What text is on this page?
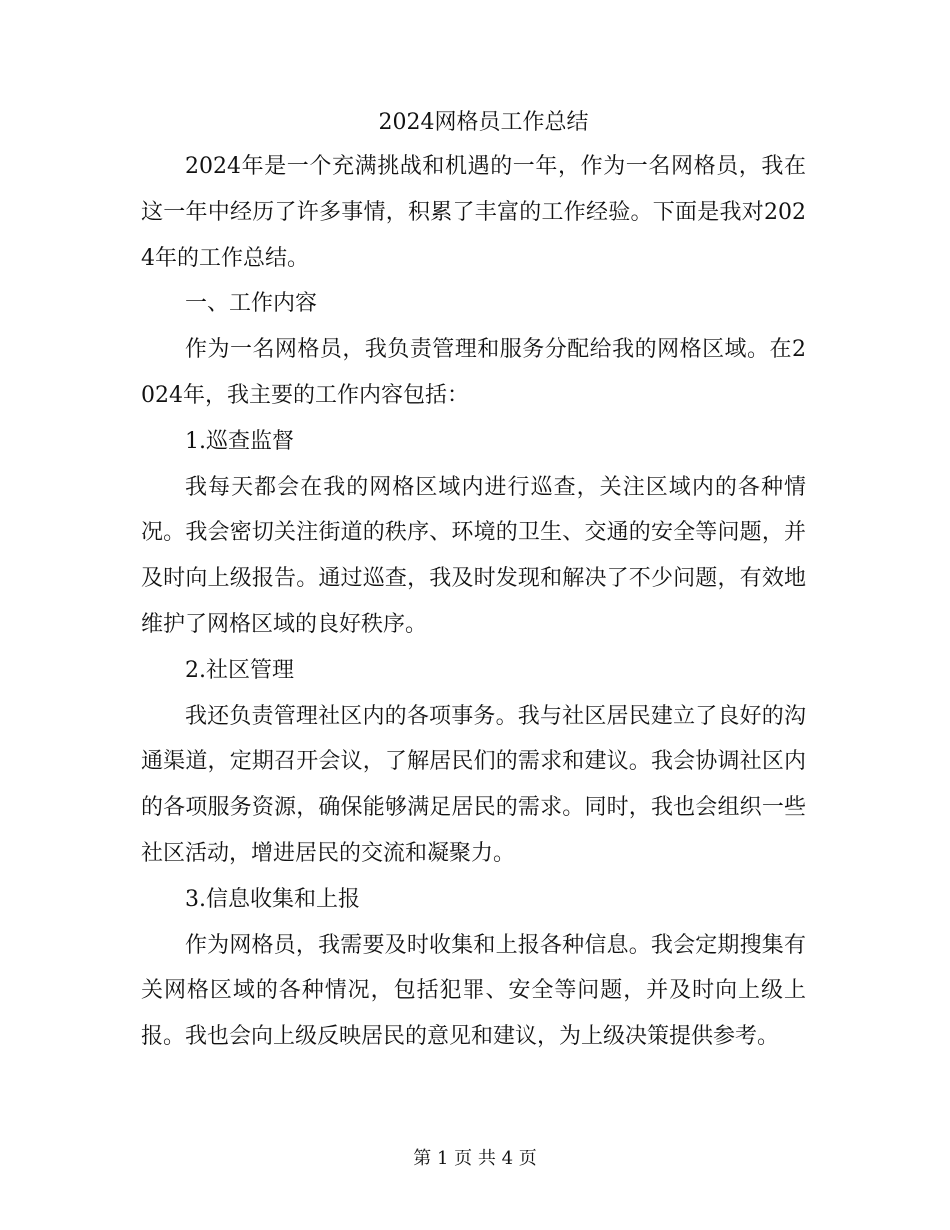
2024网格员工作总结

2024年是一个充满挑战和机遇的一年，作为一名网格员，我在这一年中经历了许多事情，积累了丰富的工作经验。下面是我对2024年的工作总结。

一、工作内容

作为一名网格员，我负责管理和服务分配给我的网格区域。在2024年，我主要的工作内容包括：

1.巡查监督

我每天都会在我的网格区域内进行巡查，关注区域内的各种情况。我会密切关注街道的秩序、环境的卫生、交通的安全等问题，并及时向上级报告。通过巡查，我及时发现和解决了不少问题，有效地维护了网格区域的良好秩序。

2.社区管理

我还负责管理社区内的各项事务。我与社区居民建立了良好的沟通渠道，定期召开会议，了解居民们的需求和建议。我会协调社区内的各项服务资源，确保能够满足居民的需求。同时，我也会组织一些社区活动，增进居民的交流和凝聚力。

3.信息收集和上报

作为网格员，我需要及时收集和上报各种信息。我会定期搜集有关网格区域的各种情况，包括犯罪、安全等问题，并及时向上级上报。我也会向上级反映居民的意见和建议，为上级决策提供参考。

第 1 页 共 4 页
